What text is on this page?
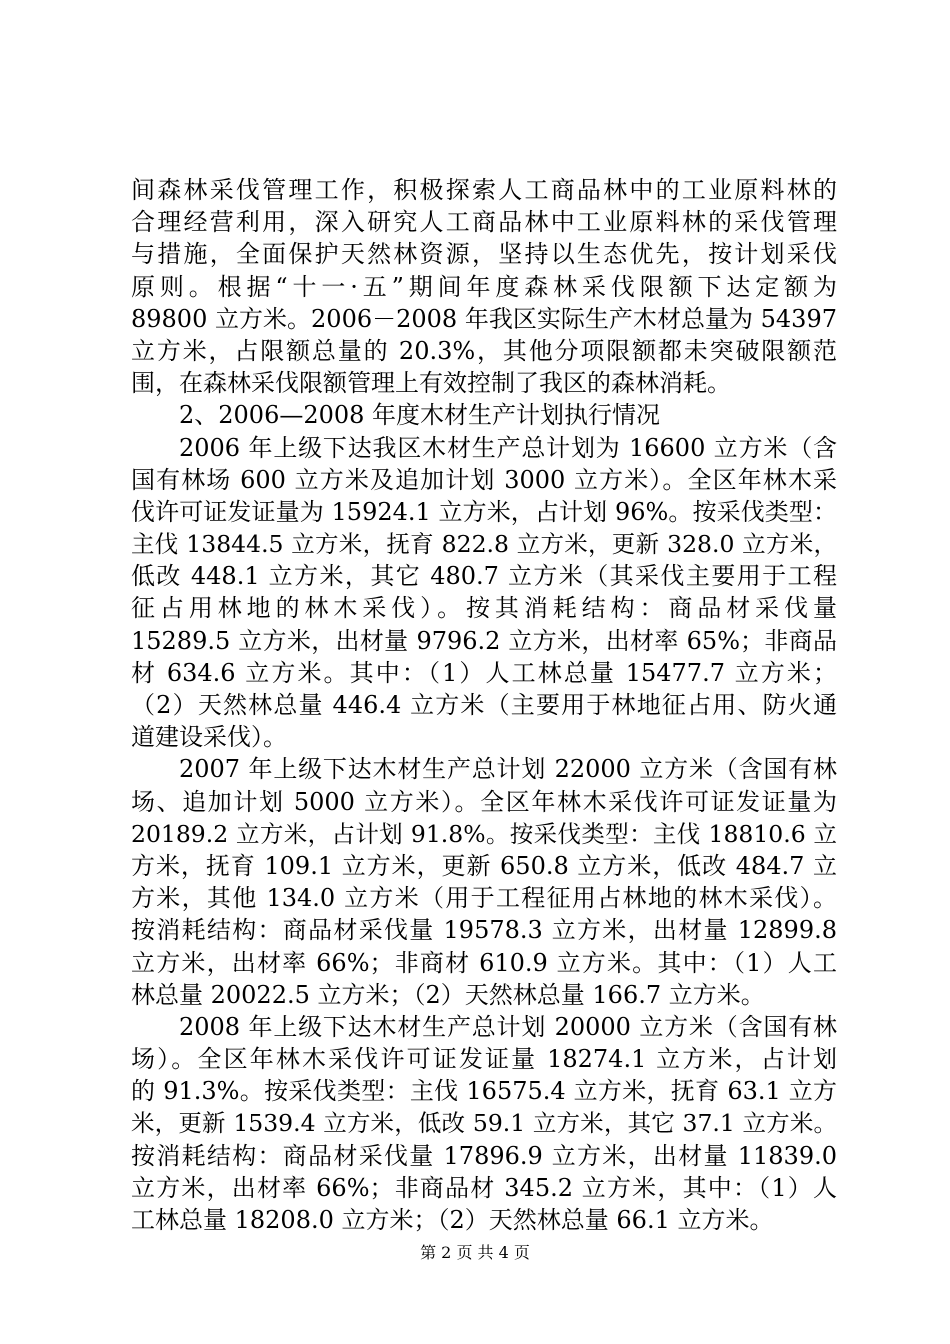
间森林采伐管理工作，积极探索人工商品林中的工业原料林的
合理经营利用，深入研究人工商品林中工业原料林的采伐管理
与措施，全面保护天然林资源，坚持以生态优先，按计划采伐
原则。根据“十一·五”期间年度森林采伐限额下达定额为
89800 立方米。2006－2008 年我区实际生产木材总量为 54397
立方米，占限额总量的 20.3%，其他分项限额都未突破限额范
围，在森林采伐限额管理上有效控制了我区的森林消耗。
2、2006—2008 年度木材生产计划执行情况
2006 年上级下达我区木材生产总计划为 16600 立方米（含
国有林场 600 立方米及追加计划 3000 立方米）。全区年林木采
伐许可证发证量为 15924.1 立方米，占计划 96%。按采伐类型：
主伐 13844.5 立方米，抚育 822.8 立方米，更新 328.0 立方米，
低改 448.1 立方米，其它 480.7 立方米（其采伐主要用于工程
征占用林地的林木采伐）。按其消耗结构：商品材采伐量
15289.5 立方米，出材量 9796.2 立方米，出材率 65%；非商品
材 634.6 立方米。其中：（1）人工林总量 15477.7 立方米；
（2）天然林总量 446.4 立方米（主要用于林地征占用、防火通
道建设采伐）。
2007 年上级下达木材生产总计划 22000 立方米（含国有林
场、追加计划 5000 立方米）。全区年林木采伐许可证发证量为
20189.2 立方米，占计划 91.8%。按采伐类型：主伐 18810.6 立
方米，抚育 109.1 立方米，更新 650.8 立方米，低改 484.7 立
方米，其他 134.0 立方米（用于工程征用占林地的林木采伐）。
按消耗结构：商品材采伐量 19578.3 立方米，出材量 12899.8
立方米，出材率 66%；非商材 610.9 立方米。其中：（1）人工
林总量 20022.5 立方米；（2）天然林总量 166.7 立方米。
2008 年上级下达木材生产总计划 20000 立方米（含国有林
场）。全区年林木采伐许可证发证量 18274.1 立方米，占计划
的 91.3%。按采伐类型：主伐 16575.4 立方米，抚育 63.1 立方
米，更新 1539.4 立方米，低改 59.1 立方米，其它 37.1 立方米。
按消耗结构：商品材采伐量 17896.9 立方米，出材量 11839.0
立方米，出材率 66%；非商品材 345.2 立方米，其中：（1）人
工林总量 18208.0 立方米；（2）天然林总量 66.1 立方米。
第 2 页 共 4 页
